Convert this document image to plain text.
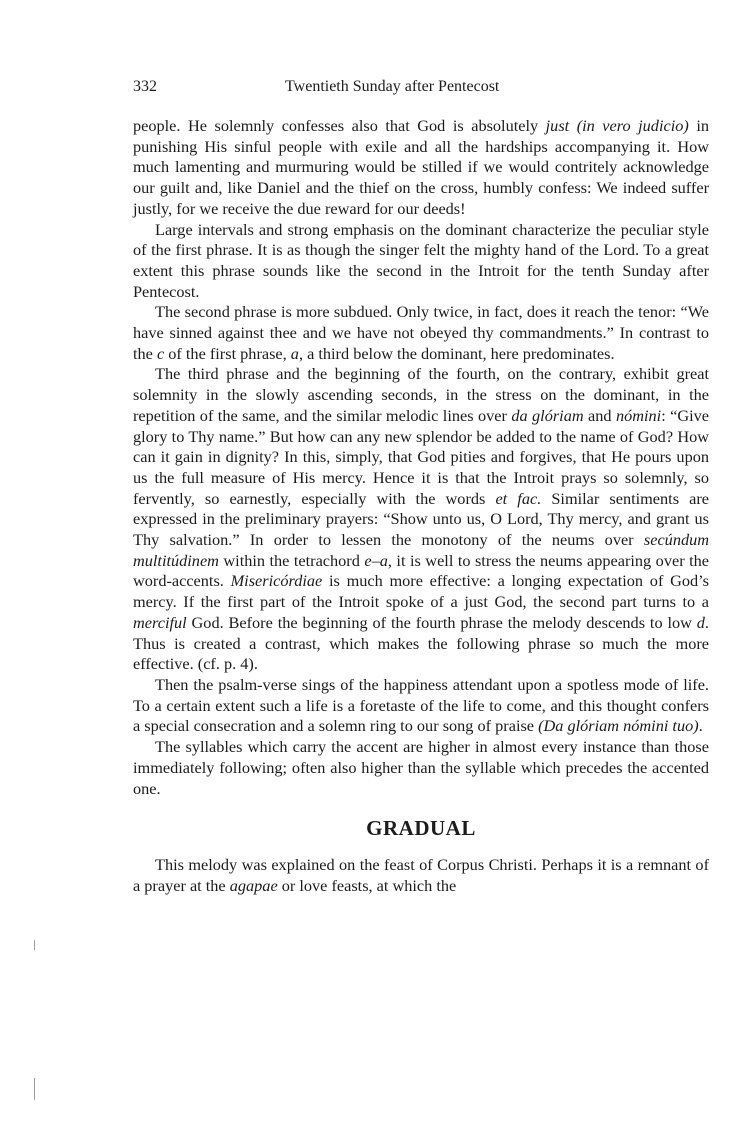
332	Twentieth Sunday after Pentecost

people. He solemnly confesses also that God is absolutely just (in vero judicio) in punishing His sinful people with exile and all the hardships accompanying it. How much lamenting and murmuring would be stilled if we would contritely acknowledge our guilt and, like Daniel and the thief on the cross, humbly confess: We indeed suffer justly, for we receive the due reward for our deeds!

Large intervals and strong emphasis on the dominant characterize the peculiar style of the first phrase. It is as though the singer felt the mighty hand of the Lord. To a great extent this phrase sounds like the second in the Introit for the tenth Sunday after Pentecost.

The second phrase is more subdued. Only twice, in fact, does it reach the tenor: “We have sinned against thee and we have not obeyed thy commandments.” In contrast to the c of the first phrase, a, a third below the dominant, here predominates.

The third phrase and the beginning of the fourth, on the contrary, exhibit great solemnity in the slowly ascending seconds, in the stress on the dominant, in the repetition of the same, and the similar melodic lines over da glóriam and nómini: “Give glory to Thy name.” But how can any new splendor be added to the name of God? How can it gain in dignity? In this, simply, that God pities and forgives, that He pours upon us the full measure of His mercy. Hence it is that the Introit prays so solemnly, so fervently, so earnestly, especially with the words et fac. Similar sentiments are expressed in the preliminary prayers: “Show unto us, O Lord, Thy mercy, and grant us Thy salvation.” In order to lessen the monotony of the neums over secúndum multitúdinem within the tetrachord e–a, it is well to stress the neums appearing over the word-accents. Misericórdiae is much more effective: a longing expectation of God’s mercy. If the first part of the Introit spoke of a just God, the second part turns to a merciful God. Before the beginning of the fourth phrase the melody descends to low d. Thus is created a contrast, which makes the following phrase so much the more effective. (cf. p. 4).

Then the psalm-verse sings of the happiness attendant upon a spotless mode of life. To a certain extent such a life is a foretaste of the life to come, and this thought confers a special consecration and a solemn ring to our song of praise (Da glóriam nómini tuo).

The syllables which carry the accent are higher in almost every instance than those immediately following; often also higher than the syllable which precedes the accented one.

GRADUAL

This melody was explained on the feast of Corpus Christi. Perhaps it is a remnant of a prayer at the agapae or love feasts, at which the
